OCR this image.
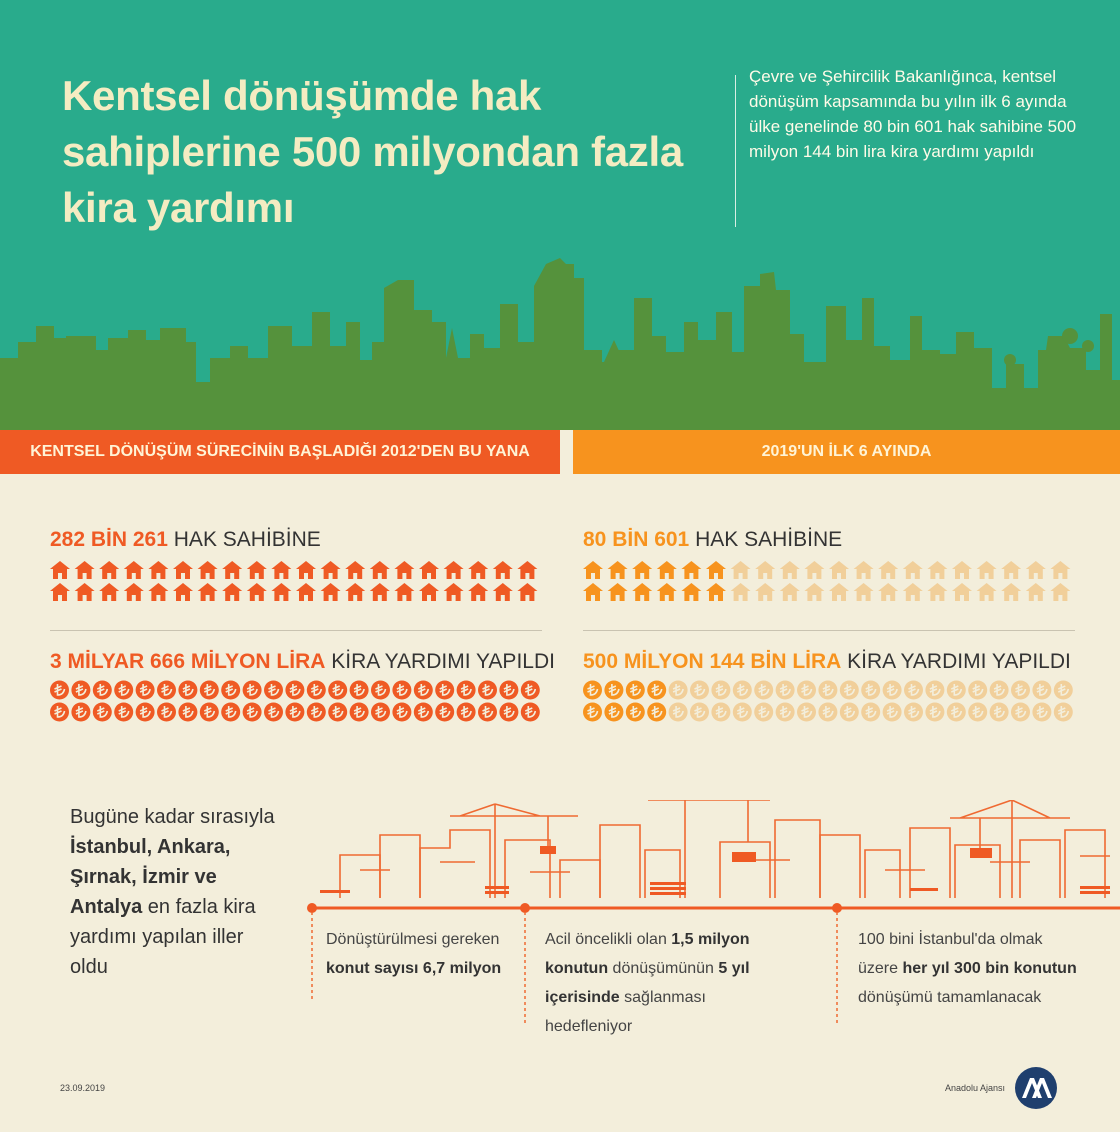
Kentsel dönüşümde hak sahiplerine 500 milyondan fazla kira yardımı

Çevre ve Şehircilik Bakanlığınca, kentsel dönüşüm kapsamında bu yılın ilk 6 ayında ülke genelinde 80 bin 601 hak sahibine 500 milyon 144 bin lira kira yardımı yapıldı

KENTSEL DÖNÜŞÜM SÜRECİNİN BAŞLADIĞI 2012'DEN BU YANA	2019'UN İLK 6 AYINDA
282 BİN 261 HAK SAHİBİNE
3 MİLYAR 666 MİLYON LİRA KİRA YARDIMI YAPILDI
80 BİN 601 HAK SAHİBİNE
500 MİLYON 144 BİN LİRA KİRA YARDIMI YAPILDI

Bugüne kadar sırasıyla İstanbul, Ankara, Şırnak, İzmir ve Antalya en fazla kira yardımı yapılan iller oldu

Dönüştürülmesi gereken konut sayısı 6,7 milyon

Acil öncelikli olan 1,5 milyon konutun dönüşümünün 5 yıl içerisinde sağlanması hedefleniyor

100 bini İstanbul'da olmak üzere her yıl 300 bin konutun dönüşümü tamamlanacak

23.09.2019	Anadolu Ajansı
